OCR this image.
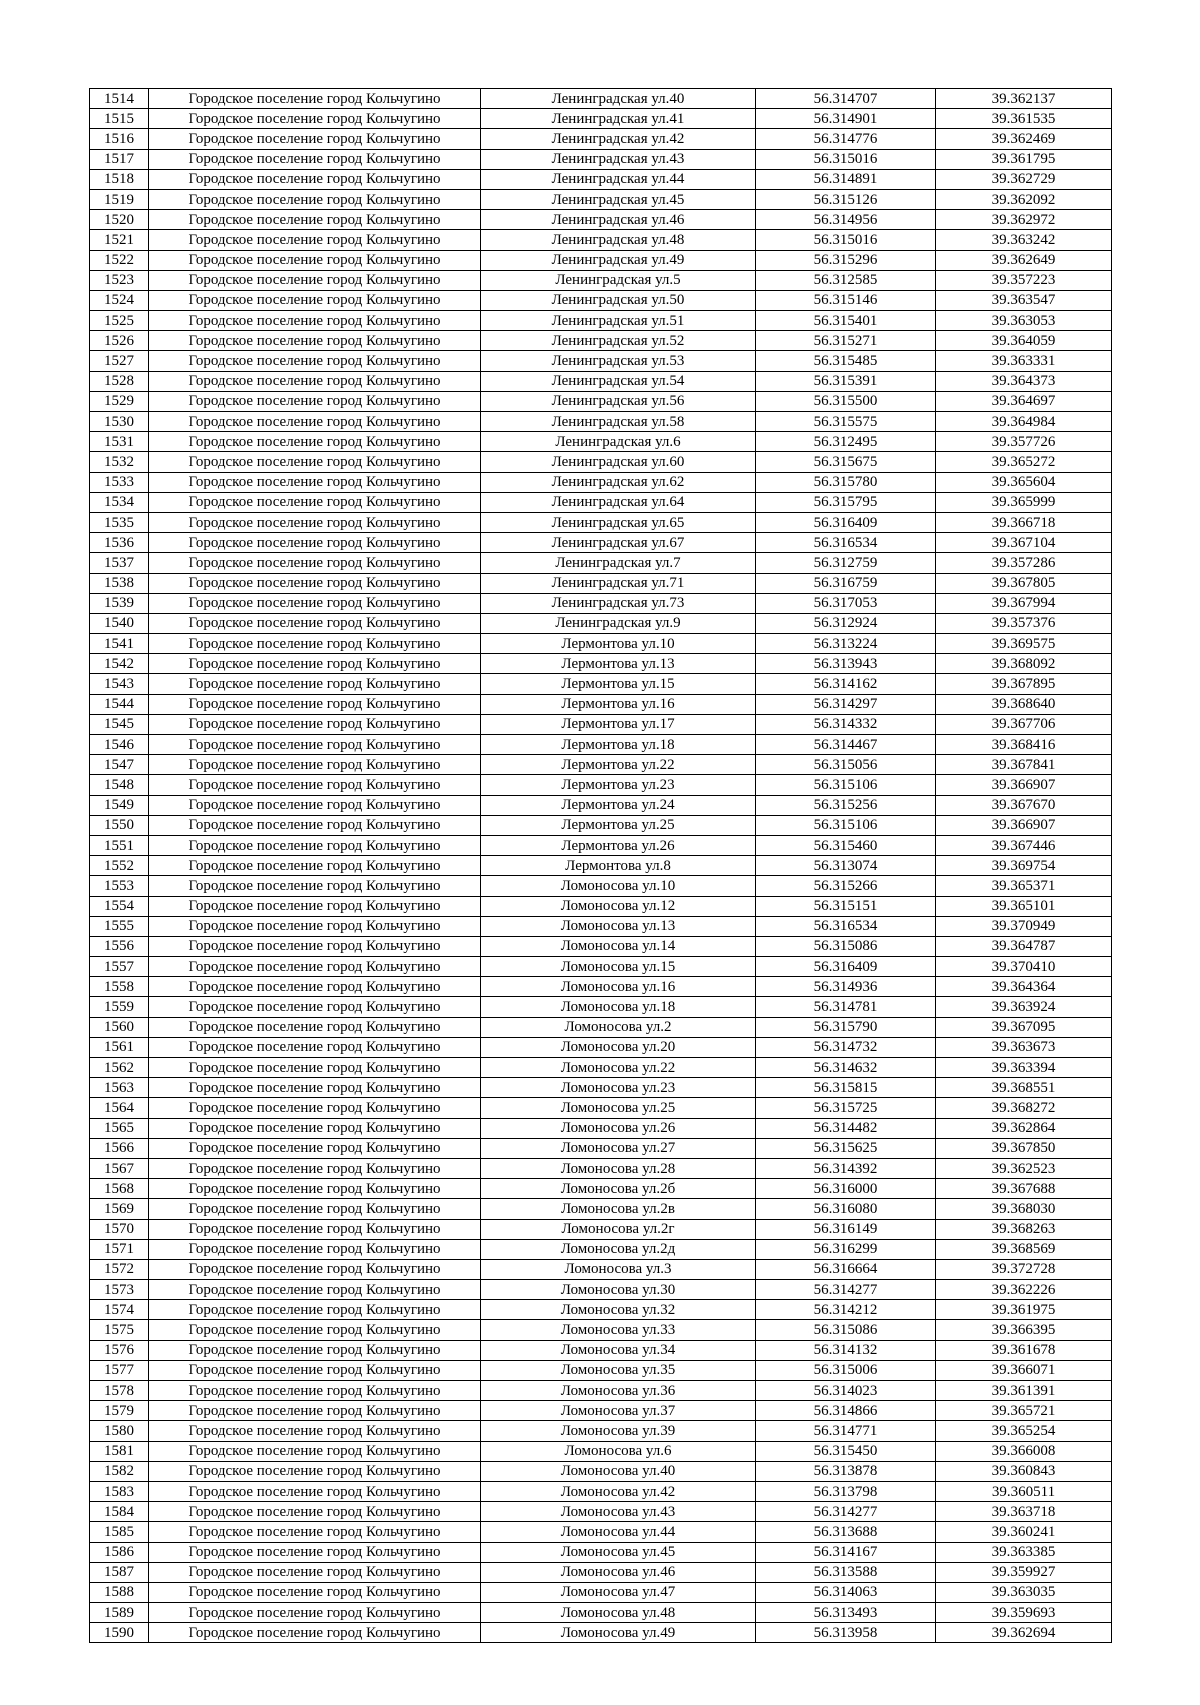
1514	Городское поселение город Кольчугино	Ленинградская ул.40	56.314707	39.362137
1515	Городское поселение город Кольчугино	Ленинградская ул.41	56.314901	39.361535
1516	Городское поселение город Кольчугино	Ленинградская ул.42	56.314776	39.362469
1517	Городское поселение город Кольчугино	Ленинградская ул.43	56.315016	39.361795
1518	Городское поселение город Кольчугино	Ленинградская ул.44	56.314891	39.362729
1519	Городское поселение город Кольчугино	Ленинградская ул.45	56.315126	39.362092
1520	Городское поселение город Кольчугино	Ленинградская ул.46	56.314956	39.362972
1521	Городское поселение город Кольчугино	Ленинградская ул.48	56.315016	39.363242
1522	Городское поселение город Кольчугино	Ленинградская ул.49	56.315296	39.362649
1523	Городское поселение город Кольчугино	Ленинградская ул.5	56.312585	39.357223
1524	Городское поселение город Кольчугино	Ленинградская ул.50	56.315146	39.363547
1525	Городское поселение город Кольчугино	Ленинградская ул.51	56.315401	39.363053
1526	Городское поселение город Кольчугино	Ленинградская ул.52	56.315271	39.364059
1527	Городское поселение город Кольчугино	Ленинградская ул.53	56.315485	39.363331
1528	Городское поселение город Кольчугино	Ленинградская ул.54	56.315391	39.364373
1529	Городское поселение город Кольчугино	Ленинградская ул.56	56.315500	39.364697
1530	Городское поселение город Кольчугино	Ленинградская ул.58	56.315575	39.364984
1531	Городское поселение город Кольчугино	Ленинградская ул.6	56.312495	39.357726
1532	Городское поселение город Кольчугино	Ленинградская ул.60	56.315675	39.365272
1533	Городское поселение город Кольчугино	Ленинградская ул.62	56.315780	39.365604
1534	Городское поселение город Кольчугино	Ленинградская ул.64	56.315795	39.365999
1535	Городское поселение город Кольчугино	Ленинградская ул.65	56.316409	39.366718
1536	Городское поселение город Кольчугино	Ленинградская ул.67	56.316534	39.367104
1537	Городское поселение город Кольчугино	Ленинградская ул.7	56.312759	39.357286
1538	Городское поселение город Кольчугино	Ленинградская ул.71	56.316759	39.367805
1539	Городское поселение город Кольчугино	Ленинградская ул.73	56.317053	39.367994
1540	Городское поселение город Кольчугино	Ленинградская ул.9	56.312924	39.357376
1541	Городское поселение город Кольчугино	Лермонтова ул.10	56.313224	39.369575
1542	Городское поселение город Кольчугино	Лермонтова ул.13	56.313943	39.368092
1543	Городское поселение город Кольчугино	Лермонтова ул.15	56.314162	39.367895
1544	Городское поселение город Кольчугино	Лермонтова ул.16	56.314297	39.368640
1545	Городское поселение город Кольчугино	Лермонтова ул.17	56.314332	39.367706
1546	Городское поселение город Кольчугино	Лермонтова ул.18	56.314467	39.368416
1547	Городское поселение город Кольчугино	Лермонтова ул.22	56.315056	39.367841
1548	Городское поселение город Кольчугино	Лермонтова ул.23	56.315106	39.366907
1549	Городское поселение город Кольчугино	Лермонтова ул.24	56.315256	39.367670
1550	Городское поселение город Кольчугино	Лермонтова ул.25	56.315106	39.366907
1551	Городское поселение город Кольчугино	Лермонтова ул.26	56.315460	39.367446
1552	Городское поселение город Кольчугино	Лермонтова ул.8	56.313074	39.369754
1553	Городское поселение город Кольчугино	Ломоносова ул.10	56.315266	39.365371
1554	Городское поселение город Кольчугино	Ломоносова ул.12	56.315151	39.365101
1555	Городское поселение город Кольчугино	Ломоносова ул.13	56.316534	39.370949
1556	Городское поселение город Кольчугино	Ломоносова ул.14	56.315086	39.364787
1557	Городское поселение город Кольчугино	Ломоносова ул.15	56.316409	39.370410
1558	Городское поселение город Кольчугино	Ломоносова ул.16	56.314936	39.364364
1559	Городское поселение город Кольчугино	Ломоносова ул.18	56.314781	39.363924
1560	Городское поселение город Кольчугино	Ломоносова ул.2	56.315790	39.367095
1561	Городское поселение город Кольчугино	Ломоносова ул.20	56.314732	39.363673
1562	Городское поселение город Кольчугино	Ломоносова ул.22	56.314632	39.363394
1563	Городское поселение город Кольчугино	Ломоносова ул.23	56.315815	39.368551
1564	Городское поселение город Кольчугино	Ломоносова ул.25	56.315725	39.368272
1565	Городское поселение город Кольчугино	Ломоносова ул.26	56.314482	39.362864
1566	Городское поселение город Кольчугино	Ломоносова ул.27	56.315625	39.367850
1567	Городское поселение город Кольчугино	Ломоносова ул.28	56.314392	39.362523
1568	Городское поселение город Кольчугино	Ломоносова ул.2б	56.316000	39.367688
1569	Городское поселение город Кольчугино	Ломоносова ул.2в	56.316080	39.368030
1570	Городское поселение город Кольчугино	Ломоносова ул.2г	56.316149	39.368263
1571	Городское поселение город Кольчугино	Ломоносова ул.2д	56.316299	39.368569
1572	Городское поселение город Кольчугино	Ломоносова ул.3	56.316664	39.372728
1573	Городское поселение город Кольчугино	Ломоносова ул.30	56.314277	39.362226
1574	Городское поселение город Кольчугино	Ломоносова ул.32	56.314212	39.361975
1575	Городское поселение город Кольчугино	Ломоносова ул.33	56.315086	39.366395
1576	Городское поселение город Кольчугино	Ломоносова ул.34	56.314132	39.361678
1577	Городское поселение город Кольчугино	Ломоносова ул.35	56.315006	39.366071
1578	Городское поселение город Кольчугино	Ломоносова ул.36	56.314023	39.361391
1579	Городское поселение город Кольчугино	Ломоносова ул.37	56.314866	39.365721
1580	Городское поселение город Кольчугино	Ломоносова ул.39	56.314771	39.365254
1581	Городское поселение город Кольчугино	Ломоносова ул.6	56.315450	39.366008
1582	Городское поселение город Кольчугино	Ломоносова ул.40	56.313878	39.360843
1583	Городское поселение город Кольчугино	Ломоносова ул.42	56.313798	39.360511
1584	Городское поселение город Кольчугино	Ломоносова ул.43	56.314277	39.363718
1585	Городское поселение город Кольчугино	Ломоносова ул.44	56.313688	39.360241
1586	Городское поселение город Кольчугино	Ломоносова ул.45	56.314167	39.363385
1587	Городское поселение город Кольчугино	Ломоносова ул.46	56.313588	39.359927
1588	Городское поселение город Кольчугино	Ломоносова ул.47	56.314063	39.363035
1589	Городское поселение город Кольчугино	Ломоносова ул.48	56.313493	39.359693
1590	Городское поселение город Кольчугино	Ломоносова ул.49	56.313958	39.362694
